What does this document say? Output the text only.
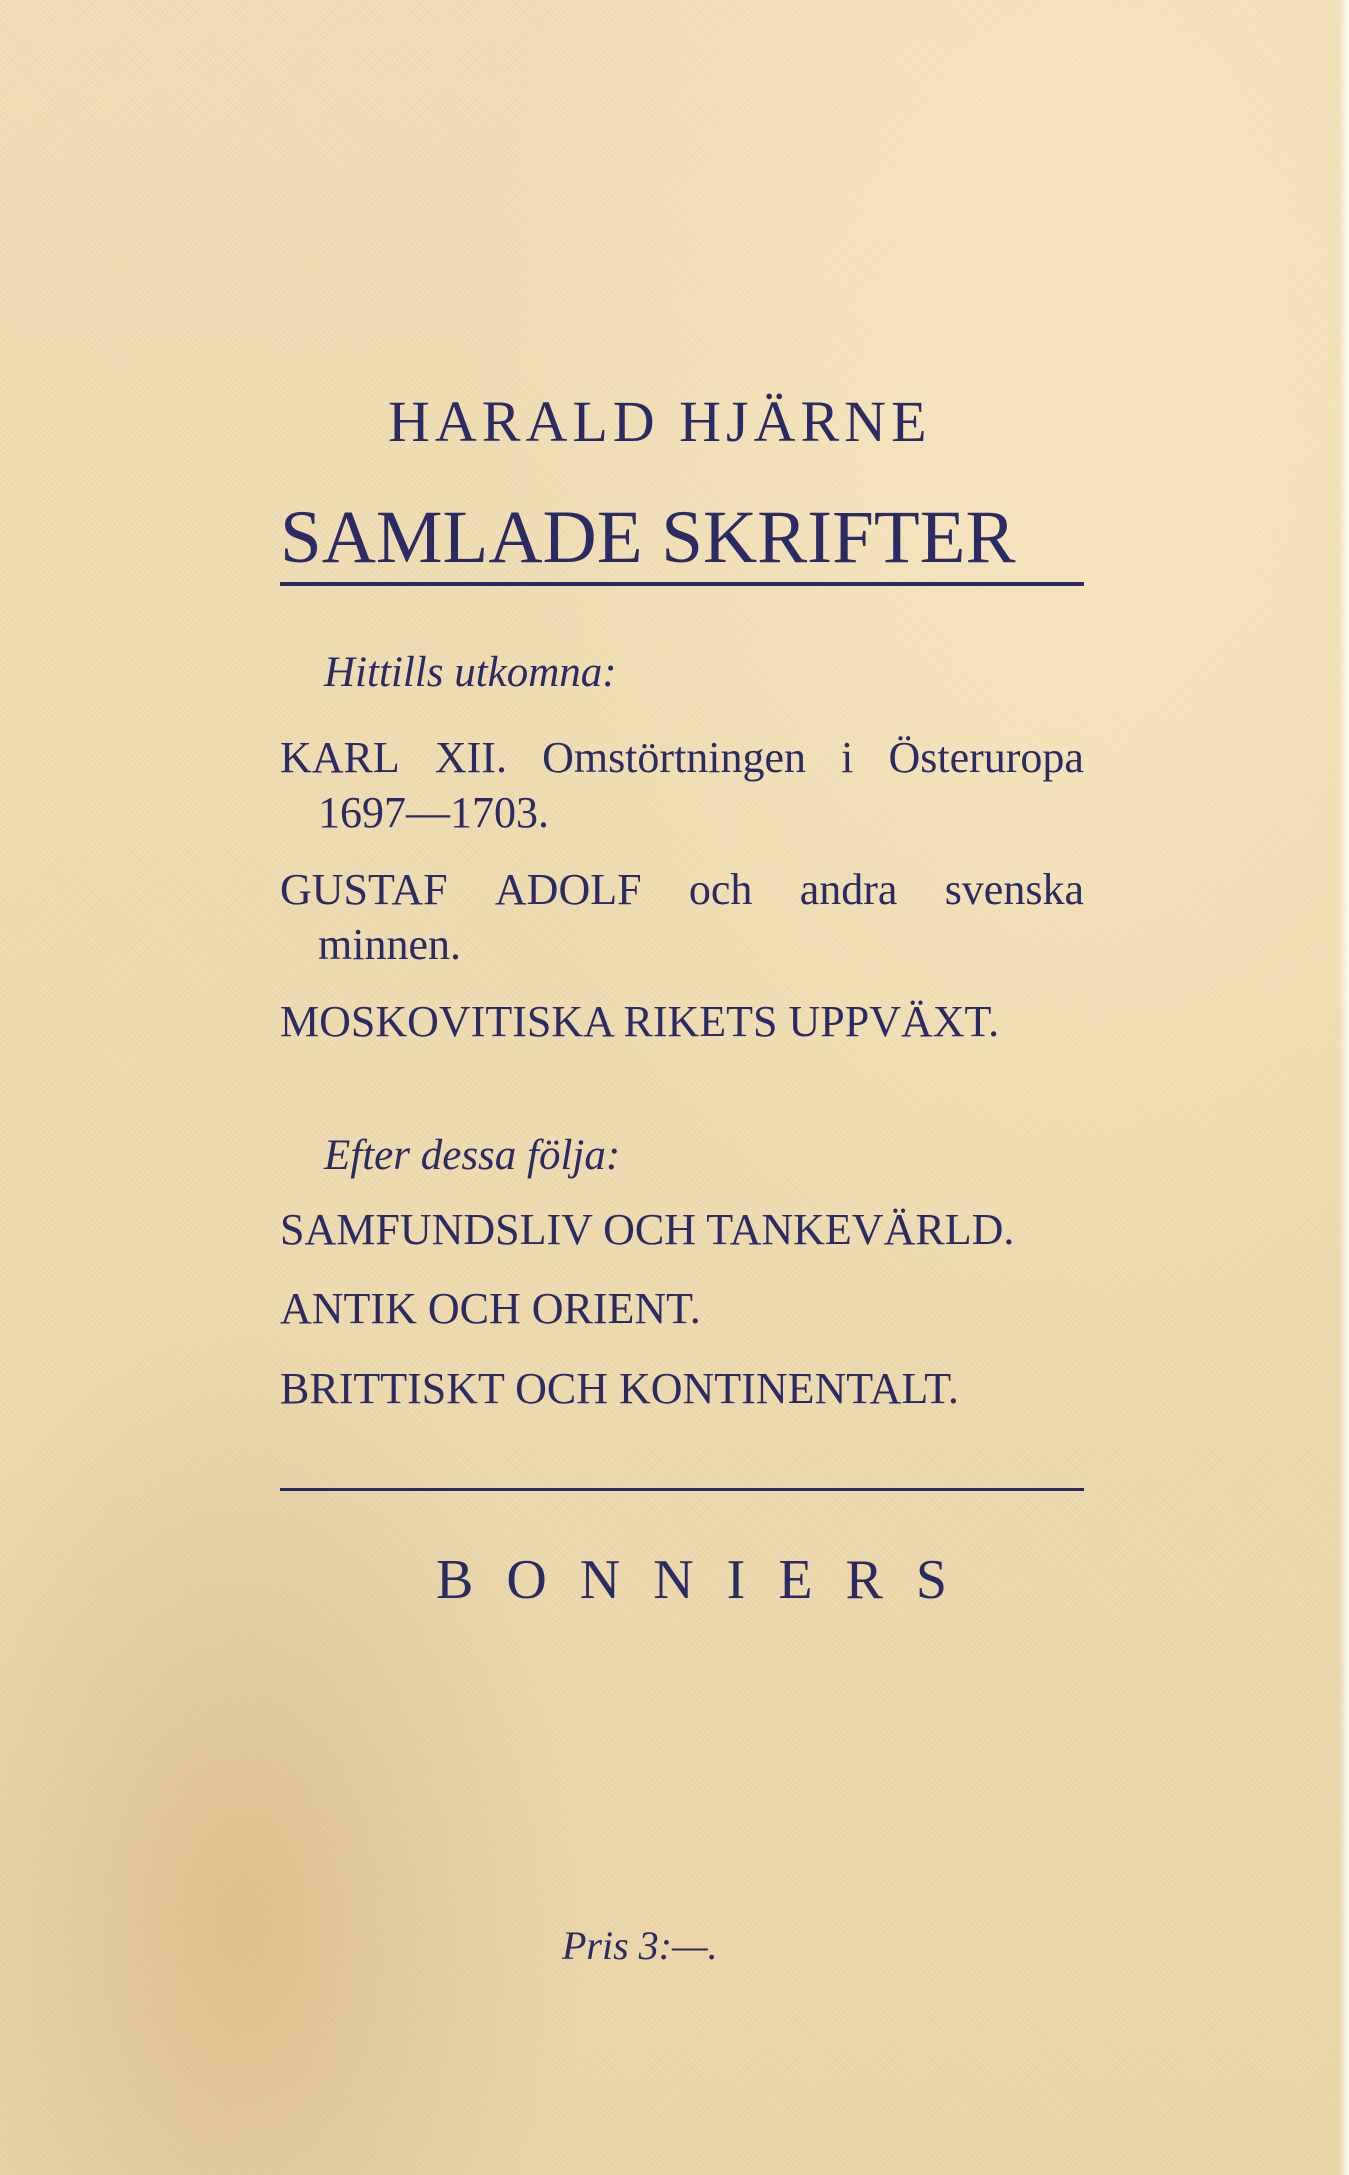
HARALD HJÄRNE
SAMLADE SKRIFTER
Hittills utkomna:
KARL XII. Omstörtningen i Österuropa
1697—1703.
GUSTAF ADOLF och andra svenska
minnen.
MOSKOVITISKA RIKETS UPPVÄXT.
Efter dessa följa:
SAMFUNDSLIV OCH TANKEVÄRLD.
ANTIK OCH ORIENT.
BRITTISKT OCH KONTINENTALT.
BONNIERS
Pris 3:—.
